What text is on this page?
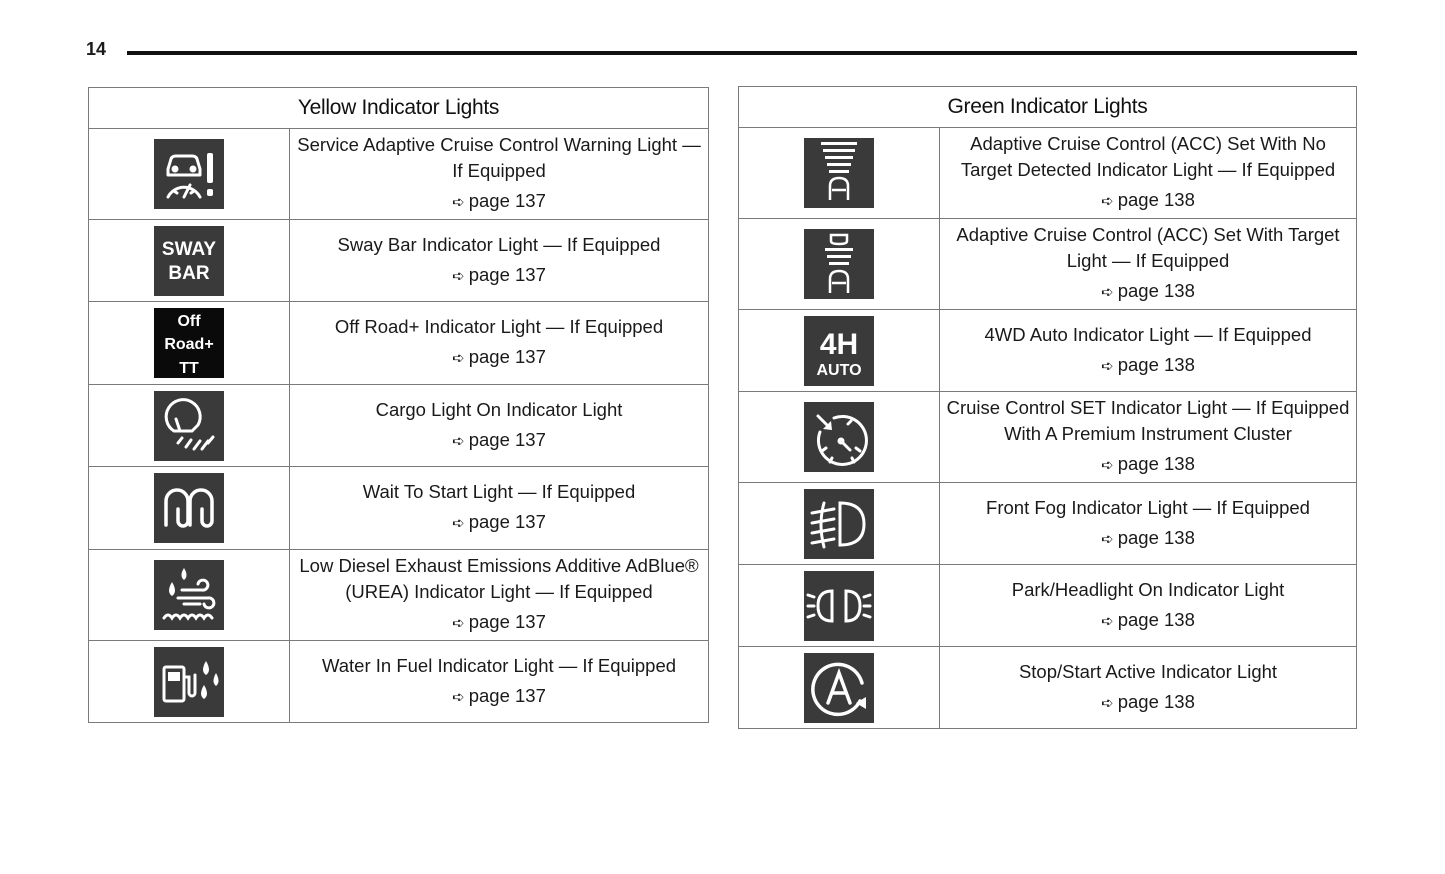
14
Yellow Indicator Lights	

	Service Adaptive Cruise Control Warning Light — If Equipped
➪ page 137

SWAY
BAR	Sway Bar Indicator Light — If Equipped
➪ page 137

Off
Road+
TT	Off Road+ Indicator Light — If Equipped
➪ page 137

	Cargo Light On Indicator Light
➪ page 137

	Wait To Start Light — If Equipped
➪ page 137

	Low Diesel Exhaust Emissions Additive AdBlue® (UREA) Indicator Light — If Equipped
➪ page 137

	Water In Fuel Indicator Light — If Equipped
➪ page 137
Green Indicator Lights	

	Adaptive Cruise Control (ACC) Set With No Target Detected Indicator Light — If Equipped
➪ page 138

	Adaptive Cruise Control (ACC) Set With Target Light — If Equipped
➪ page 138

4H
AUTO	4WD Auto Indicator Light — If Equipped
➪ page 138

	Cruise Control SET Indicator Light — If Equipped With A Premium Instrument Cluster
➪ page 138

	Front Fog Indicator Light — If Equipped
➪ page 138

	Park/Headlight On Indicator Light
➪ page 138

	Stop/Start Active Indicator Light
➪ page 138
